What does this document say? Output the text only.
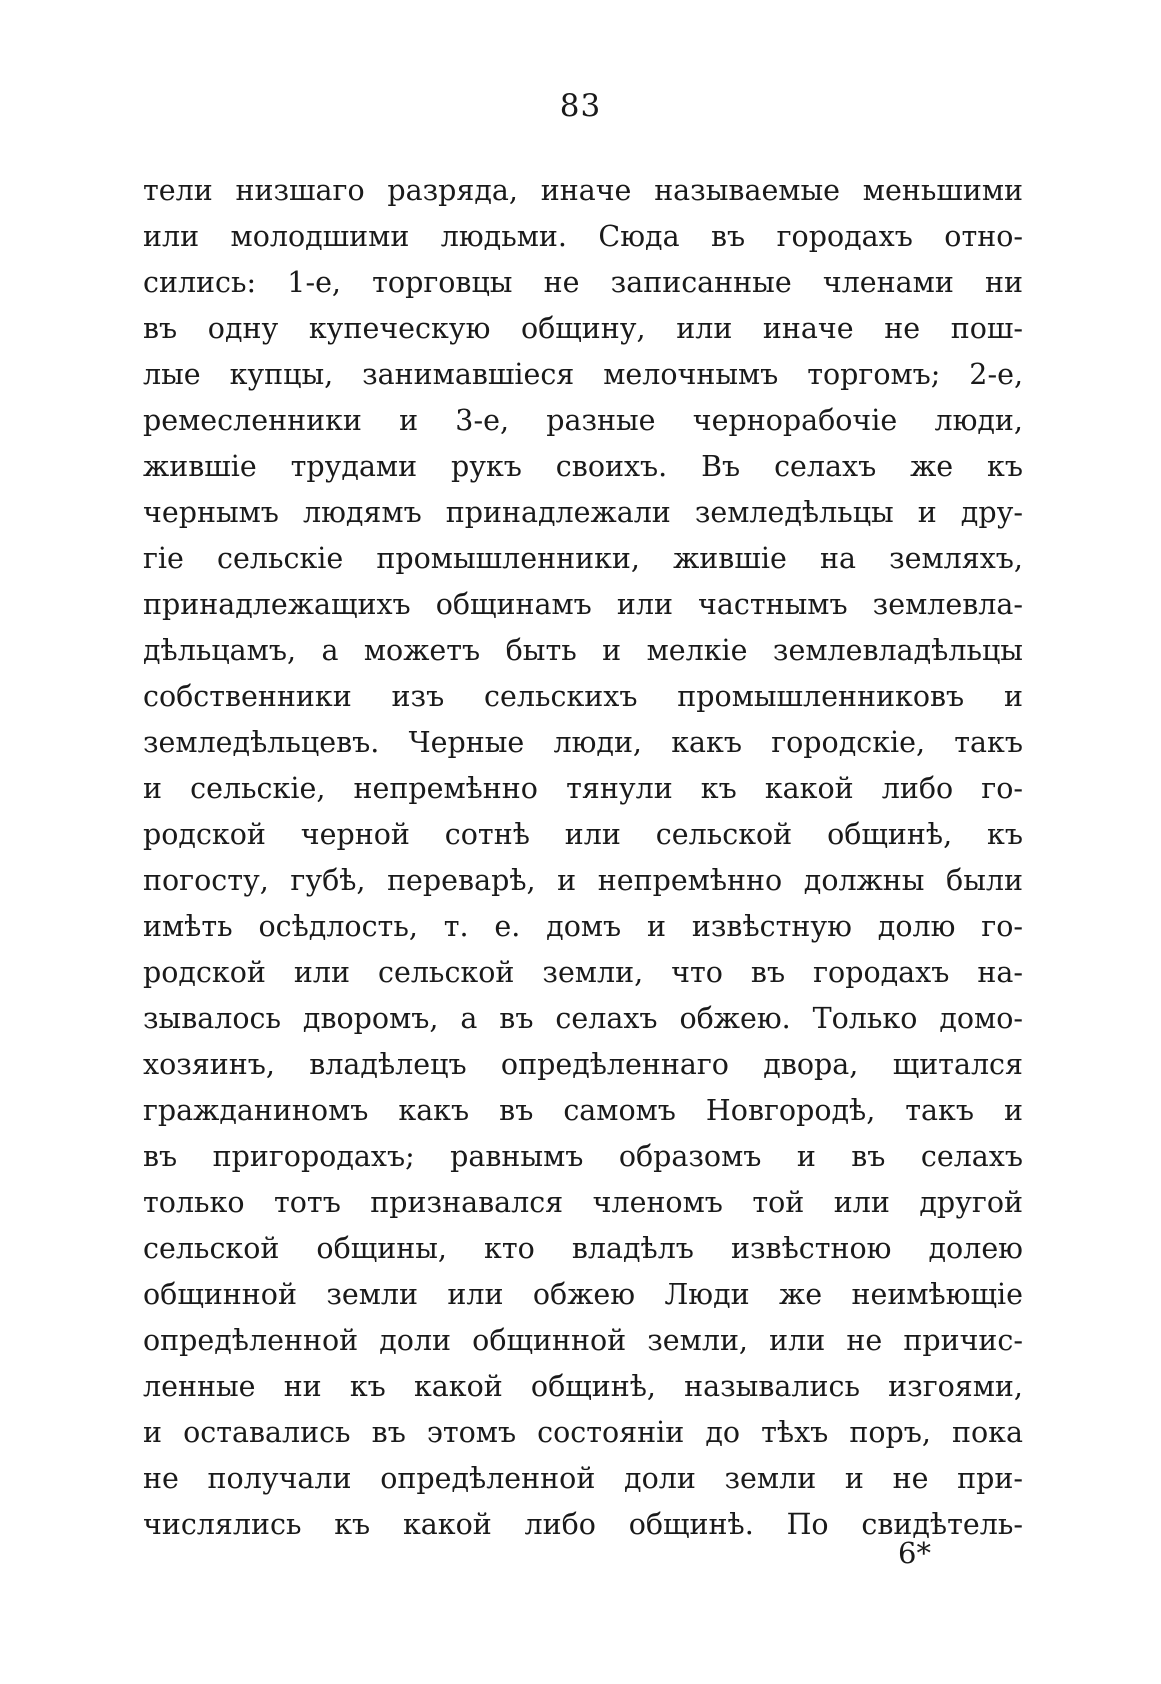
83
тели низшаго разряда, иначе называемые меньшими
или молодшими людьми. Сюда въ городахъ отно-
сились: 1-е, торговцы не записанные членами ни
въ одну купеческую общину, или иначе не пош-
лые купцы, занимавшіеся мелочнымъ торгомъ; 2-е,
ремесленники и 3-е, разные чернорабочіе люди,
жившіе трудами рукъ своихъ. Въ селахъ же къ
чернымъ людямъ принадлежали земледѣльцы и дру-
гіе сельскіе промышленники, жившіе на земляхъ,
принадлежащихъ общинамъ или частнымъ землевла-
дѣльцамъ, а можетъ быть и мелкіе землевладѣльцы
собственники изъ сельскихъ промышленниковъ и
земледѣльцевъ. Черные люди, какъ городскіе, такъ
и сельскіе, непремѣнно тянули къ какой либо го-
родской черной сотнѣ или сельской общинѣ, къ
погосту, губѣ, переварѣ, и непремѣнно должны были
имѣть осѣдлость, т. е. домъ и извѣстную долю го-
родской или сельской земли, что въ городахъ на-
зывалось дворомъ, а въ селахъ обжею. Только домо-
хозяинъ, владѣлецъ опредѣленнаго двора, щитался
гражданиномъ какъ въ самомъ Новгородѣ, такъ и
въ пригородахъ; равнымъ образомъ и въ селахъ
только тотъ признавался членомъ той или другой
сельской общины, кто владѣлъ извѣстною долею
общинной земли или обжею Люди же неимѣющіе
опредѣленной доли общинной земли, или не причис-
ленные ни къ какой общинѣ, назывались изгоями,
и оставались въ этомъ состояніи до тѣхъ поръ, пока
не получали опредѣленной доли земли и не при-
числялись къ какой либо общинѣ. По свидѣтель-
6*
